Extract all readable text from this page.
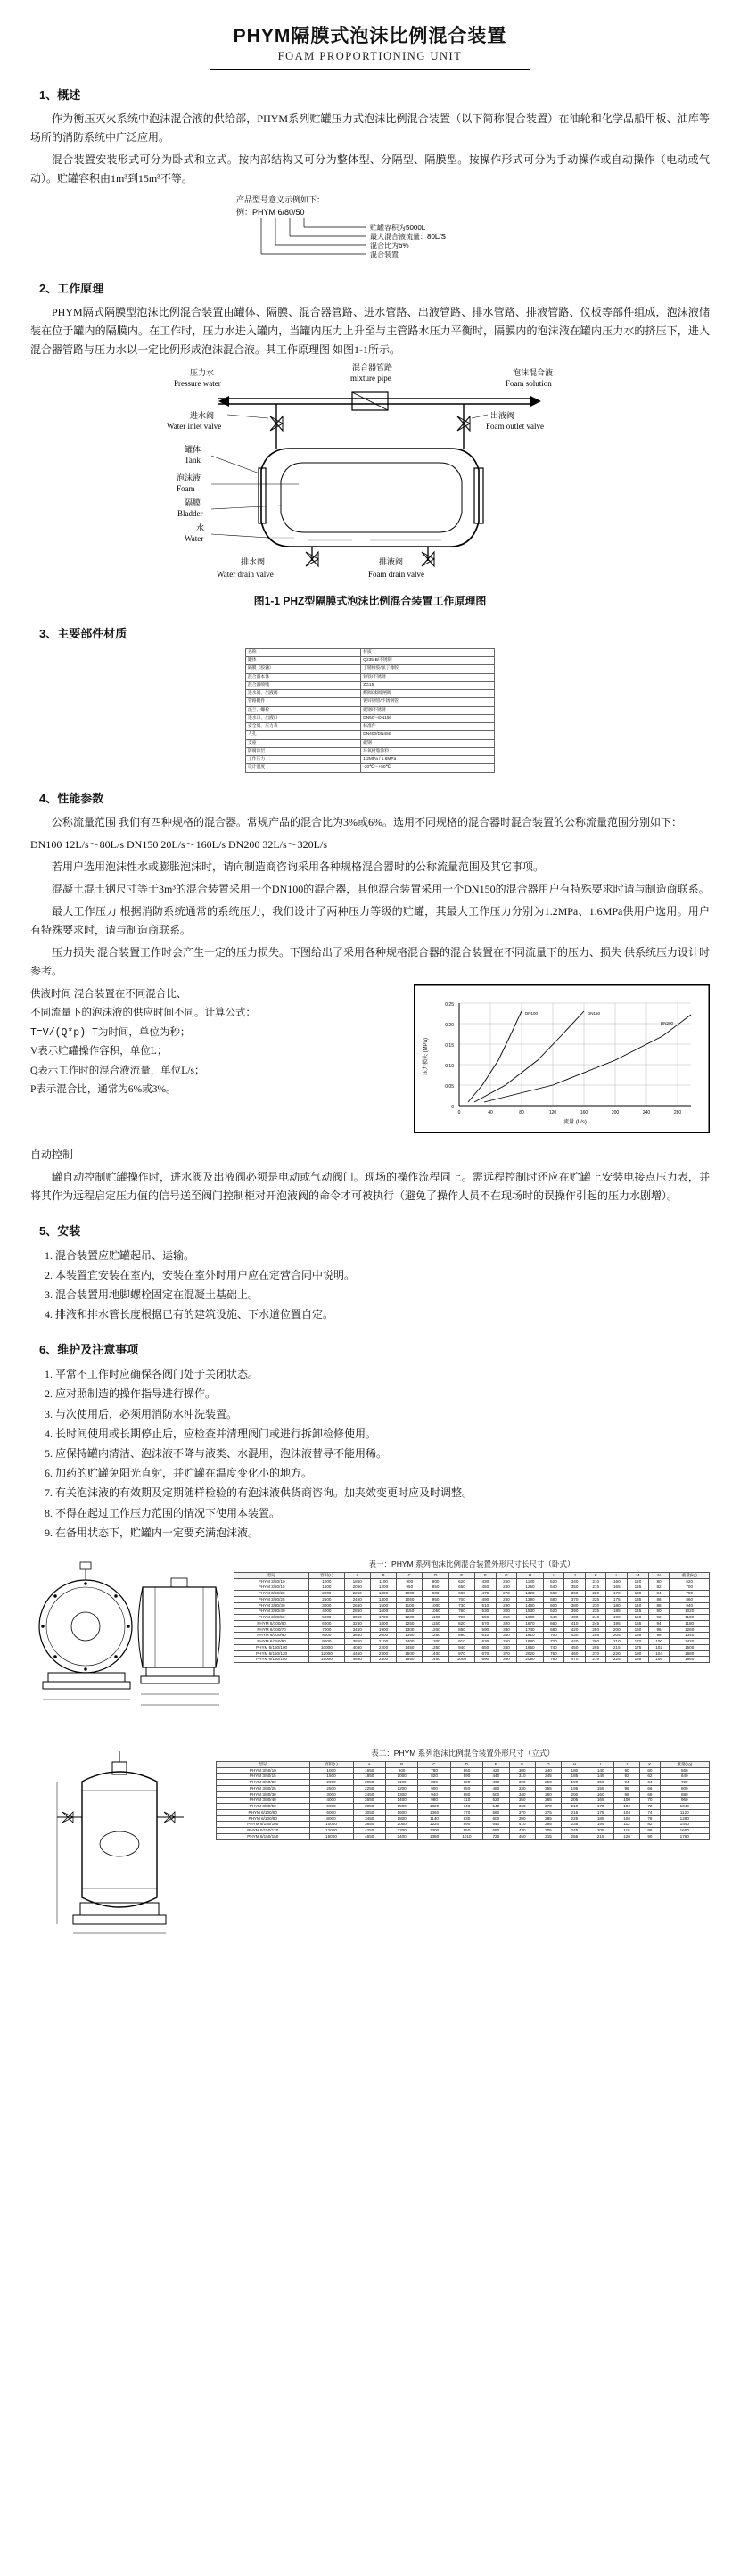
PHYM隔膜式泡沫比例混合装置
FOAM PROPORTIONING UNIT
1、概述

作为衡压灭火系统中泡沫混合液的供给部，PHYM系列贮罐压力式泡沫比例混合装置（以下简称混合装置）在油轮和化学品船甲板、油库等场所的消防系统中广泛应用。

混合装置安装形式可分为卧式和立式。按内部结构又可分为整体型、分隔型、隔膜型。按操作形式可分为手动操作或自动操作（电动或气动）。贮罐容积由1m³到15m³不等。

产品型号意义示例如下：
例：PHYM 6/80/50
贮罐容积为5000L
最大混合液流量：80L/S
混合比为6%
混合装置
2、工作原理

PHYM隔式隔膜型泡沫比例混合装置由罐体、隔膜、混合器管路、进水管路、出液管路、排水管路、排液管路、仪板等部件组成，泡沫液储装在位于罐内的隔膜内。在工作时，压力水进入罐内，当罐内压力上升至与主管路水压力平衡时，隔膜内的泡沫液在罐内压力水的挤压下，进入混合器管路与压力水以一定比例形成泡沫混合液。其工作原理图 如图1-1所示。

压力水
Pressure water
混合器管路
mixture pipe
泡沫混合液
Foam solution
进水阀
Water inlet valve
出液阀
Foam outlet valve
罐体
Tank
泡沫液
Foam
隔膜
Bladder
水
Water
排水阀
Water drain valve
排液阀
Foam drain valve
图1-1 PHZ型隔膜式泡沫比例混合装置工作原理图
3、主要部件材质
名称	材质
罐体	Q235-B/不锈钢
隔膜（胶囊）	丁腈橡胶/氯丁橡胶
混合器本体	铸铁/不锈钢
混合器喷嘴	ZG15
进水阀、出液阀	蝶阀/球阀/闸阀
管路附件	镀锌钢管/不锈钢管
法兰、螺栓	碳钢/不锈钢
进水口、出液口	DN50～DN150
安全阀、压力表	标准件
人孔	DN400/DN450
支座	碳钢
防腐涂层	环氧树脂涂料
工作压力	1.2MPa / 1.6MPa
设计温度	-20℃～+50℃
4、性能参数

公称流量范围 我们有四种规格的混合器。常规产品的混合比为3%或6%。选用不同规格的混合器时混合装置的公称流量范围分别如下：

DN100 12L/s～80L/s DN150 20L/s～160L/s DN200 32L/s～320L/s

若用户选用泡沫性水或膨胀泡沫时，请向制造商咨询采用各种规格混合器时的公称流量范围及其它事项。

混凝土混土钢尺寸等于3m³的混合装置采用一个DN100的混合器，其他混合装置采用一个DN150的混合器用户有特殊要求时请与制造商联系。

最大工作压力 根据消防系统通常的系统压力，我们设计了两种压力等级的贮罐，其最大工作压力分别为1.2MPa、1.6MPa供用户选用。用户有特殊要求时，请与制造商联系。

压力损失 混合装置工作时会产生一定的压力损失。下图给出了采用各种规格混合器的混合装置在不同流量下的压力、损失 供系统压力设计时参考。

供液时间 混合装置在不同混合比、

不同流量下的泡沫液的供应时间不同。计算公式：

T=V/(Q*p) T为时间，单位为秒；

V表示贮罐操作容积，单位L；

Q表示工作时的混合液流量，单位L/s；

P表示混合比，通常为6%或3%。

0
0.05
0.10
0.15
0.20
0.25
0	40	80	120	160	200	240	280
流量 (L/s)
压力损失 (MPa)
DN100	DN150
DN200

自动控制

罐自动控制贮罐操作时，进水阀及出液阀必须是电动或气动阀门。现场的操作流程同上。需远程控制时还应在贮罐上安装电接点压力表，并将其作为远程启定压力值的信号送至阀门控制柜对开泡液阀的命令才可被执行（避免了操作人员不在现场时的误操作引起的压力水剧增）。

5、安装
1. 混合装置应贮罐起吊、运输。
2. 本装置宜安装在室内，安装在室外时用户应在定营合同中说明。
3. 混合装置用地脚螺栓固定在混凝土基础上。
4. 排液和排水管长度根据已有的建筑设施、下水道位置自定。
6、维护及注意事项
1. 平常不工作时应确保各阀门处于关闭状态。
2. 应对照制造的操作指导进行操作。
3. 与次使用后，必须用消防水冲洗装置。
4. 长时间使用或长期停止后，应检查并清理阀门或进行拆卸检修使用。
5. 应保持罐内清洁、泡沫液不降与液类、水混用，泡沫液替导不能用稀。
6. 加药的贮罐免阳光直射，并贮罐在温度变化小的地方。
7. 有关泡沫液的有效期及定期随样检验的有泡沫液供货商咨询。加夹效变更时应及时调整。
8. 不得在起过工作压力范围的情况下使用本装置。
9. 在备用状态下，贮罐内一定要充满泡沫液。
表一：PHYM 系列泡沫比例混合装置外形尺寸长尺寸（卧式）
型号	容积(L)	A	B	C	D	E	F	G	H	I	J	K	L	M	N	重量(kg)
PHYM 3/50/10	1000	1850	1100	900	800	620	430	250	1180	520	340	210	160	120	80	620
PHYM 3/50/15	1500	2050	1200	950	850	650	450	260	1250	540	350	215	165	125	82	700
PHYM 3/50/20	2000	2250	1300	1000	900	680	470	270	1320	560	360	220	170	130	84	780
PHYM 3/80/25	2500	2450	1400	1050	950	700	490	280	1390	580	370	225	175	135	86	860
PHYM 3/80/30	3000	2650	1500	1100	1000	730	510	290	1460	600	380	230	180	140	88	940
PHYM 3/80/40	4000	2850	1600	1150	1050	760	530	300	1530	620	390	235	185	145	90	1020
PHYM 3/80/50	5000	3050	1700	1200	1100	790	550	310	1600	640	400	240	190	150	92	1100
PHYM 6/100/60	6000	3250	1800	1250	1150	820	570	320	1670	660	410	245	195	155	94	1180
PHYM 6/100/70	7000	3450	1900	1300	1200	850	590	330	1740	680	420	250	200	160	96	1260
PHYM 6/100/80	8000	3650	2000	1350	1250	880	610	340	1810	700	430	255	205	165	98	1340
PHYM 6/150/90	9000	3850	2100	1400	1300	910	630	350	1880	720	440	260	210	170	100	1420
PHYM 6/150/100	10000	4050	2200	1450	1350	940	650	360	1950	740	450	265	215	175	102	1500
PHYM 6/150/120	12000	4450	2300	1500	1400	970	670	370	2020	760	460	270	220	180	104	1680
PHYM 6/150/150	15000	4850	2400	1550	1450	1000	690	380	2090	780	470	275	225	185	106	1860
表二：PHYM 系列泡沫比例混合装置外形尺寸（立式）
型号	容积(L)	A	B	C	D	E	F	G	H	I	J	K	重量(kg)
PHYM 3/50/10	1000	1650	900	780	560	420	300	240	180	140	90	60	560
PHYM 3/50/15	1500	1850	1000	820	590	440	310	245	185	145	92	62	640
PHYM 3/50/20	2000	2050	1100	860	620	460	320	250	190	150	94	64	720
PHYM 3/80/25	2500	2250	1200	900	650	480	330	255	195	155	96	66	800
PHYM 3/80/30	3000	2450	1300	940	680	500	340	260	200	160	98	68	880
PHYM 3/80/40	4000	2650	1400	980	710	520	350	265	205	165	100	70	960
PHYM 3/80/50	5000	2850	1500	1020	740	540	360	270	210	170	102	72	1040
PHYM 6/100/60	6000	3050	1600	1060	770	560	370	275	215	175	104	74	1120
PHYM 6/100/80	8000	3450	1800	1140	830	600	390	285	225	185	108	78	1280
PHYM 6/150/100	10000	3850	2000	1220	890	640	410	295	235	195	112	82	1440
PHYM 6/150/120	12000	4250	2200	1300	950	680	430	305	245	205	116	86	1600
PHYM 6/150/150	15000	4650	2400	1380	1010	720	450	315	255	215	120	90	1760
